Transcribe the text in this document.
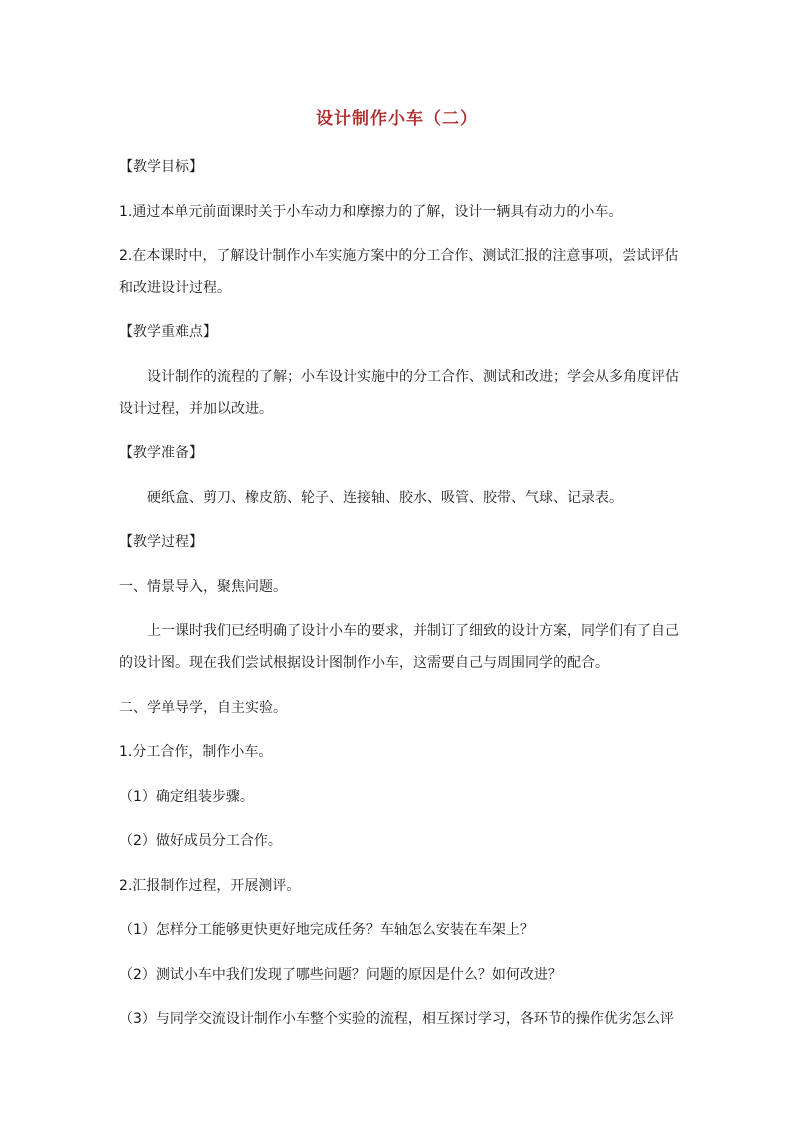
设计制作小车（二）
【教学目标】
1.通过本单元前面课时关于小车动力和摩擦力的了解，设计一辆具有动力的小车。
2.在本课时中，了解设计制作小车实施方案中的分工合作、测试汇报的注意事项，尝试评估
和改进设计过程。
【教学重难点】
设计制作的流程的了解；小车设计实施中的分工合作、测试和改进；学会从多角度评估
设计过程，并加以改进。
【教学准备】
硬纸盒、剪刀、橡皮筋、轮子、连接轴、胶水、吸管、胶带、气球、记录表。
【教学过程】
一、情景导入，聚焦问题。
上一课时我们已经明确了设计小车的要求，并制订了细致的设计方案，同学们有了自己
的设计图。现在我们尝试根据设计图制作小车，这需要自己与周围同学的配合。
二、学单导学，自主实验。
1.分工合作，制作小车。
（1）确定组装步骤。
（2）做好成员分工合作。
2.汇报制作过程，开展测评。
（1）怎样分工能够更快更好地完成任务？车轴怎么安装在车架上？
（2）测试小车中我们发现了哪些问题？问题的原因是什么？如何改进？
（3）与同学交流设计制作小车整个实验的流程，相互探讨学习，各环节的操作优劣怎么评
